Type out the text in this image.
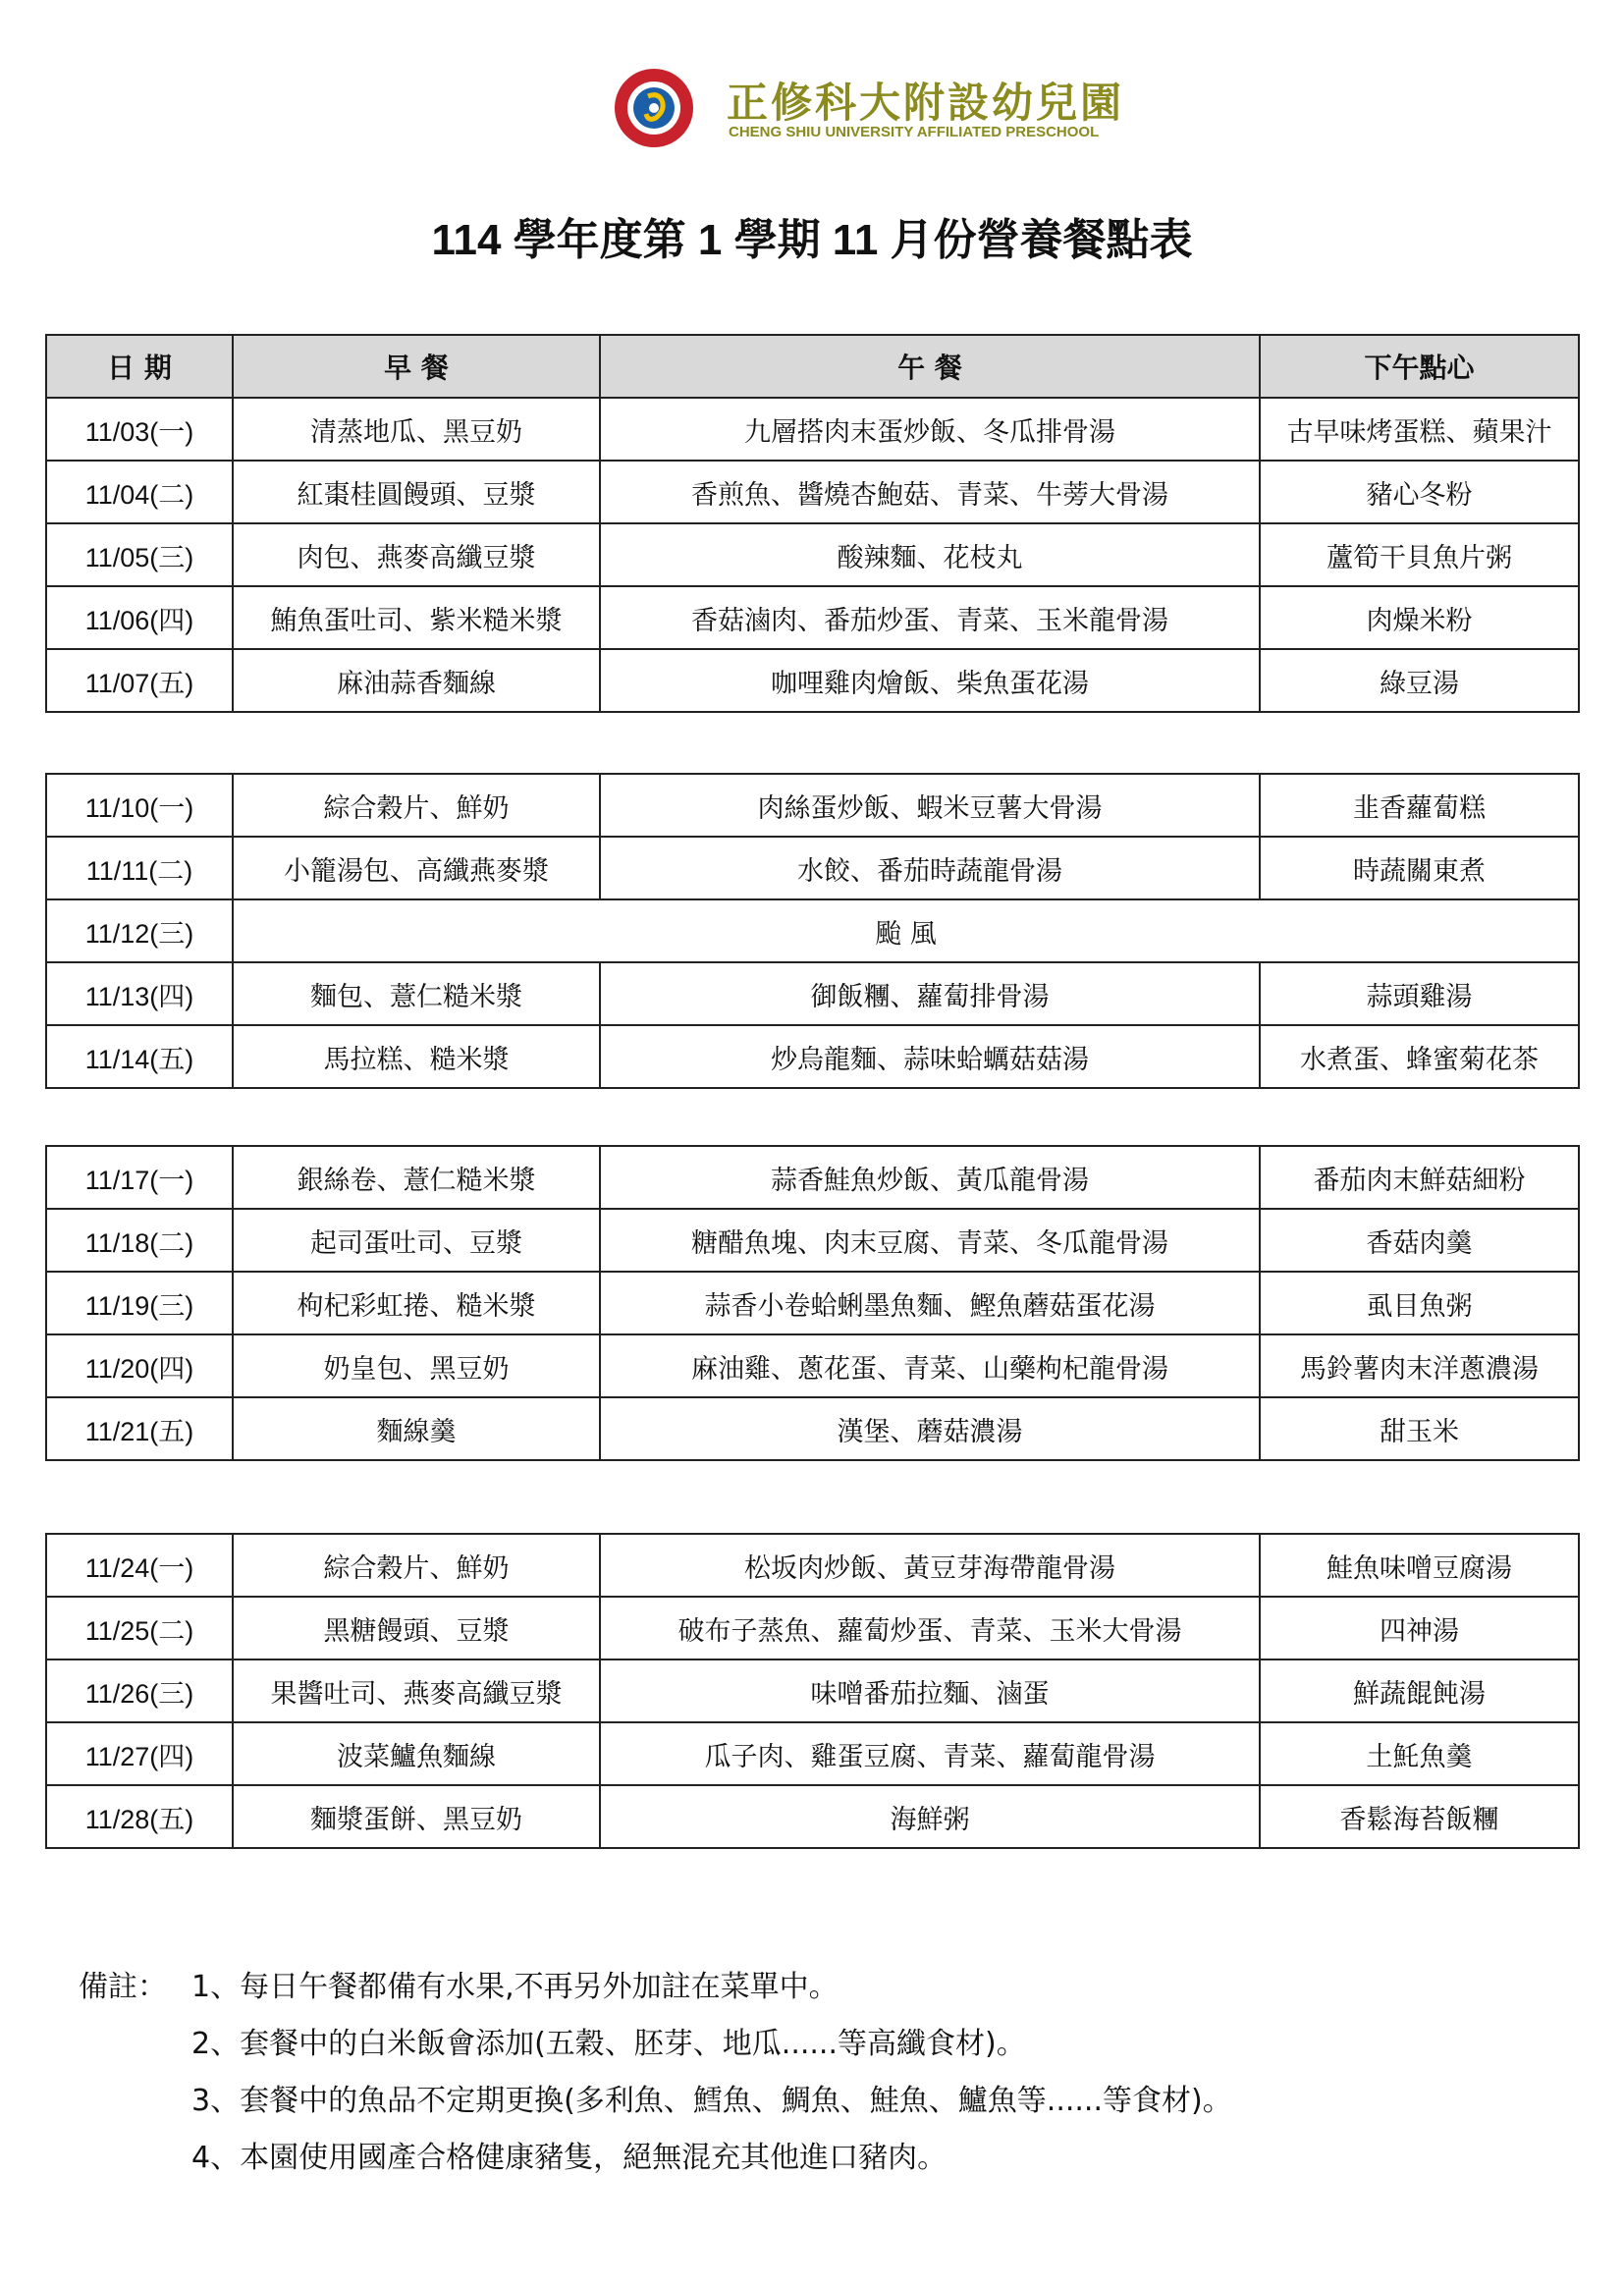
正修科大附設幼兒園
CHENG SHIU UNIVERSITY AFFILIATED PRESCHOOL
114 學年度第 1 學期 11 月份營養餐點表
日 期	早 餐	午 餐	下午點心
11/03(一)	清蒸地瓜、黑豆奶	九層搭肉末蛋炒飯、冬瓜排骨湯	古早味烤蛋糕、蘋果汁
11/04(二)	紅棗桂圓饅頭、豆漿	香煎魚、醬燒杏鮑菇、青菜、牛蒡大骨湯	豬心冬粉
11/05(三)	肉包、燕麥高纖豆漿	酸辣麵、花枝丸	蘆筍干貝魚片粥
11/06(四)	鮪魚蛋吐司、紫米糙米漿	香菇滷肉、番茄炒蛋、青菜、玉米龍骨湯	肉燥米粉
11/07(五)	麻油蒜香麵線	咖哩雞肉燴飯、柴魚蛋花湯	綠豆湯
11/10(一)	綜合穀片、鮮奶	肉絲蛋炒飯、蝦米豆薯大骨湯	韭香蘿蔔糕
11/11(二)	小籠湯包、高纖燕麥漿	水餃、番茄時蔬龍骨湯	時蔬關東煮
11/12(三)	颱 風		
11/13(四)	麵包、薏仁糙米漿	御飯糰、蘿蔔排骨湯	蒜頭雞湯
11/14(五)	馬拉糕、糙米漿	炒烏龍麵、蒜味蛤蠣菇菇湯	水煮蛋、蜂蜜菊花茶
11/17(一)	銀絲卷、薏仁糙米漿	蒜香鮭魚炒飯、黃瓜龍骨湯	番茄肉末鮮菇細粉
11/18(二)	起司蛋吐司、豆漿	糖醋魚塊、肉末豆腐、青菜、冬瓜龍骨湯	香菇肉羹
11/19(三)	枸杞彩虹捲、糙米漿	蒜香小卷蛤蜊墨魚麵、鰹魚蘑菇蛋花湯	虱目魚粥
11/20(四)	奶皇包、黑豆奶	麻油雞、蔥花蛋、青菜、山藥枸杞龍骨湯	馬鈴薯肉末洋蔥濃湯
11/21(五)	麵線羹	漢堡、蘑菇濃湯	甜玉米
11/24(一)	綜合穀片、鮮奶	松坂肉炒飯、黃豆芽海帶龍骨湯	鮭魚味噌豆腐湯
11/25(二)	黑糖饅頭、豆漿	破布子蒸魚、蘿蔔炒蛋、青菜、玉米大骨湯	四神湯
11/26(三)	果醬吐司、燕麥高纖豆漿	味噌番茄拉麵、滷蛋	鮮蔬餛飩湯
11/27(四)	波菜鱸魚麵線	瓜子肉、雞蛋豆腐、青菜、蘿蔔龍骨湯	土魠魚羹
11/28(五)	麵漿蛋餅、黑豆奶	海鮮粥	香鬆海苔飯糰
備註： 1、每日午餐都備有水果,不再另外加註在菜單中。
2、套餐中的白米飯會添加(五穀、胚芽、地瓜......等高纖食材)。
3、套餐中的魚品不定期更換(多利魚、鱈魚、鯛魚、鮭魚、鱸魚等......等食材)。
4、本園使用國產合格健康豬隻，絕無混充其他進口豬肉。
